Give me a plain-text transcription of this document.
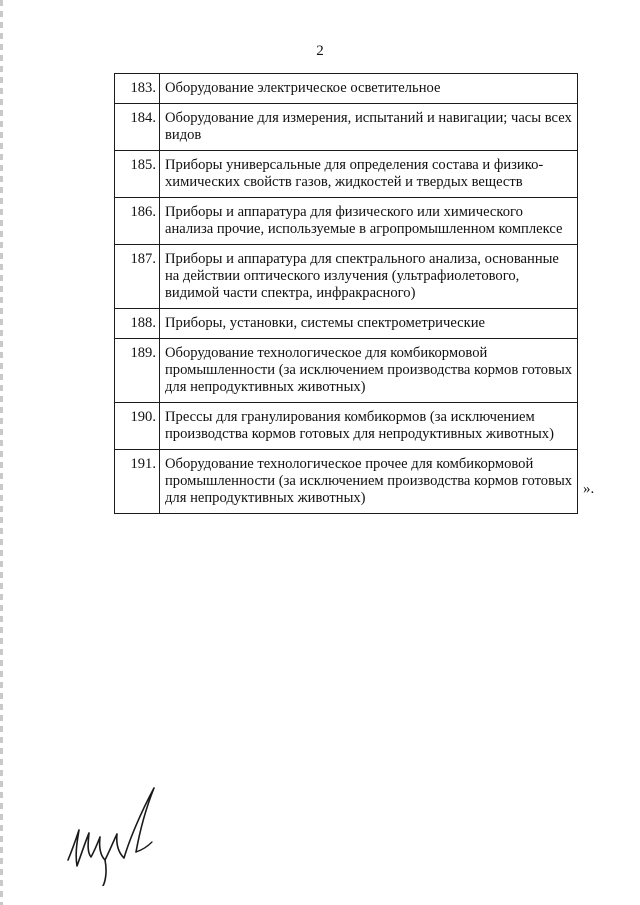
2
183.	Оборудование электрическое осветительное
184.	Оборудование для измерения, испытаний и навигации; часы всех видов
185.	Приборы универсальные для определения состава и физико-химических свойств газов, жидкостей и твердых веществ
186.	Приборы и аппаратура для физического или химического анализа прочие, используемые в агропромышленном комплексе
187.	Приборы и аппаратура для спектрального анализа, основанные на действии оптического излучения (ультрафиолетового, видимой части спектра, инфракрасного)
188.	Приборы, установки, системы спектрометрические
189.	Оборудование технологическое для комбикормовой промышленности (за исключением производства кормов готовых для непродуктивных животных)
190.	Прессы для гранулирования комбикормов (за исключением производства кормов готовых для непродуктивных животных)
191.	Оборудование технологическое прочее для комбикормовой промышленности (за исключением производства кормов готовых для непродуктивных животных)
».
